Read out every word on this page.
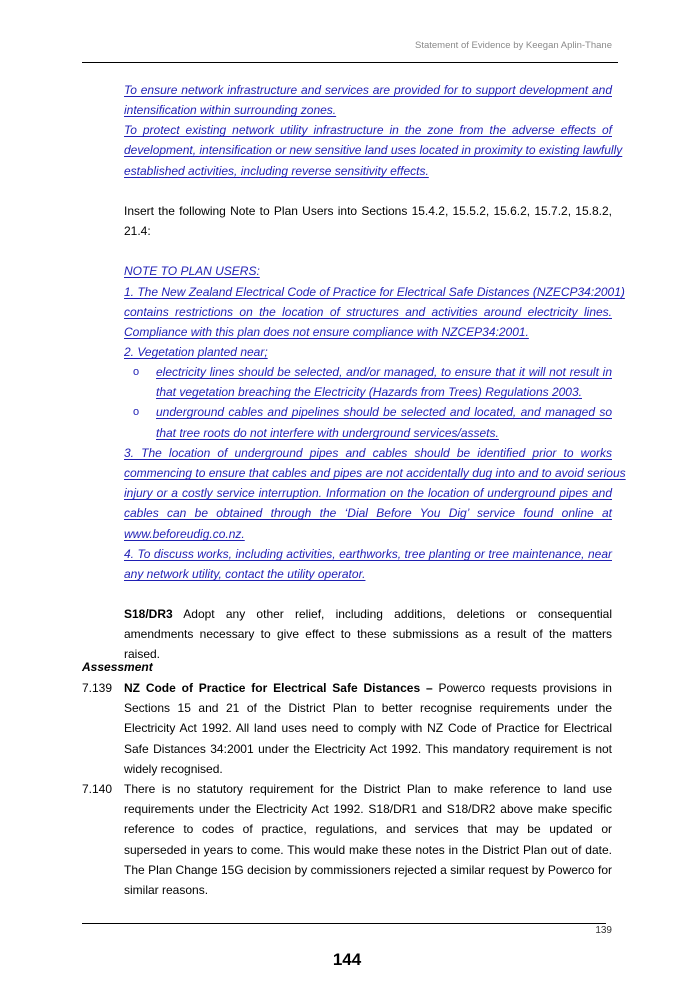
Statement of Evidence by Keegan Aplin-Thane
To ensure network infrastructure and services are provided for to support development and
intensification within surrounding zones.
To protect existing network utility infrastructure in the zone from the adverse effects of
development, intensification or new sensitive land uses located in proximity to existing lawfully
established activities, including reverse sensitivity effects.
Insert the following Note to Plan Users into Sections 15.4.2, 15.5.2, 15.6.2, 15.7.2, 15.8.2,
21.4:
NOTE TO PLAN USERS:
1. The New Zealand Electrical Code of Practice for Electrical Safe Distances (NZECP34:2001)
contains restrictions on the location of structures and activities around electricity lines.
Compliance with this plan does not ensure compliance with NZCEP34:2001.
2. Vegetation planted near;
o electricity lines should be selected, and/or managed, to ensure that it will not result in
that vegetation breaching the Electricity (Hazards from Trees) Regulations 2003.
o underground cables and pipelines should be selected and located, and managed so
that tree roots do not interfere with underground services/assets.
3. The location of underground pipes and cables should be identified prior to works
commencing to ensure that cables and pipes are not accidentally dug into and to avoid serious
injury or a costly service interruption. Information on the location of underground pipes and
cables can be obtained through the ‘Dial Before You Dig’ service found online at
www.beforeudig.co.nz.
4. To discuss works, including activities, earthworks, tree planting or tree maintenance, near
any network utility, contact the utility operator.
S18/DR3 Adopt any other relief, including additions, deletions or consequential amendments necessary to give effect to these submissions as a result of the matters raised.
Assessment
7.139 NZ Code of Practice for Electrical Safe Distances – Powerco requests provisions in Sections 15 and 21 of the District Plan to better recognise requirements under the Electricity Act 1992. All land uses need to comply with NZ Code of Practice for Electrical Safe Distances 34:2001 under the Electricity Act 1992. This mandatory requirement is not widely recognised.
7.140 There is no statutory requirement for the District Plan to make reference to land use requirements under the Electricity Act 1992. S18/DR1 and S18/DR2 above make specific reference to codes of practice, regulations, and services that may be updated or superseded in years to come. This would make these notes in the District Plan out of date. The Plan Change 15G decision by commissioners rejected a similar request by Powerco for similar reasons.
139
144
